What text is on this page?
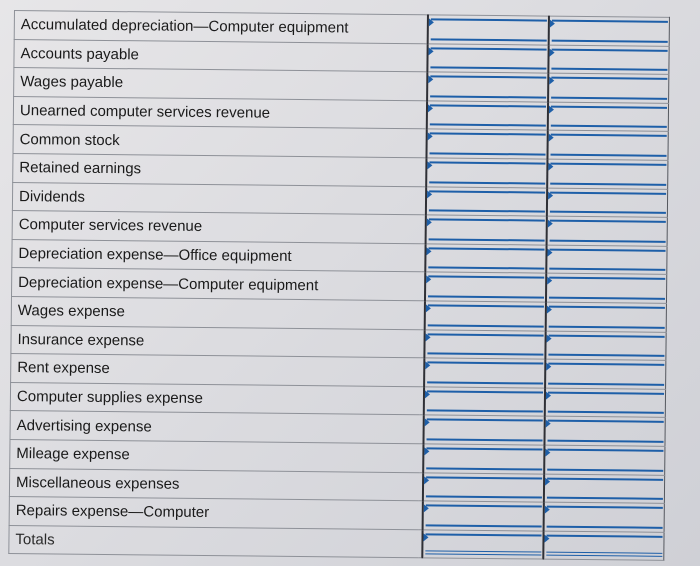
Accumulated depreciation—Computer equipment		

Accounts payable		

Wages payable		

Unearned computer services revenue		

Common stock		

Retained earnings		

Dividends		

Computer services revenue		

Depreciation expense—Office equipment		

Depreciation expense—Computer equipment		

Wages expense		

Insurance expense		

Rent expense		

Computer supplies expense		

Advertising expense		

Mileage expense		

Miscellaneous expenses		

Repairs expense—Computer		

Totals		
